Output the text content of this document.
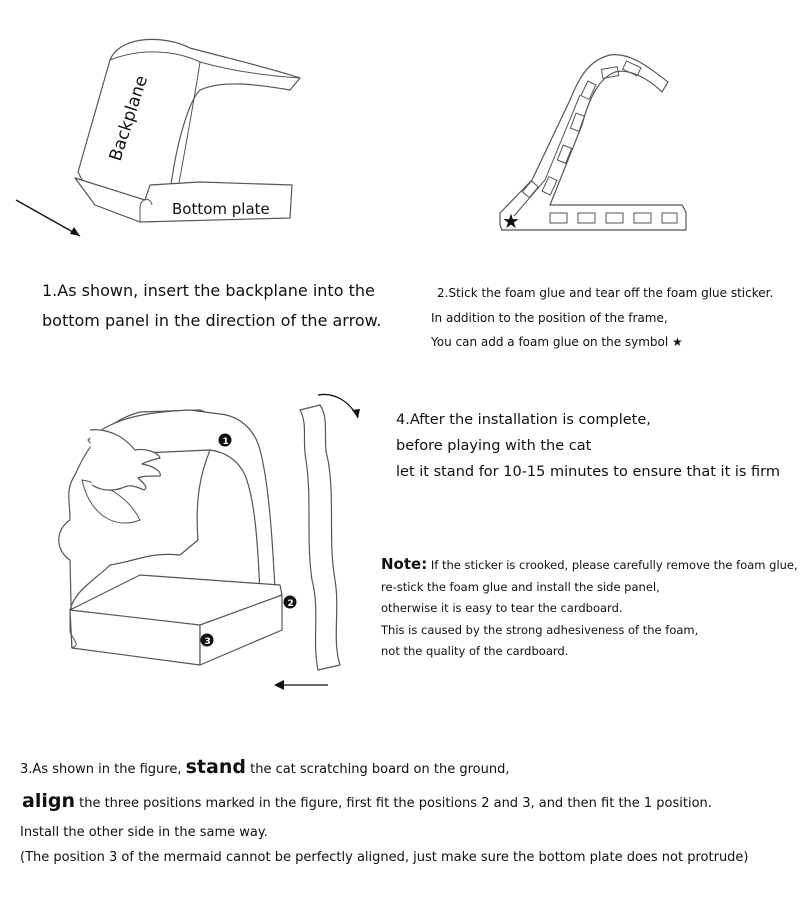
Backplane
Bottom plate	★
1.As shown, insert the backplane into the
bottom panel in the direction of the arrow.
2.Stick the foam glue and tear off the foam glue sticker.
In addition to the position of the frame,
You can add a foam glue on the symbol ★
1
2
3
4.After the installation is complete,
before playing with the cat
let it stand for 10-15 minutes to ensure that it is firm
Note: If the sticker is crooked, please carefully remove the foam glue,
re-stick the foam glue and install the side panel,
otherwise it is easy to tear the cardboard.
This is caused by the strong adhesiveness of the foam,
not the quality of the cardboard.
3.As shown in the figure, stand the cat scratching board on the ground,
align the three positions marked in the figure, first fit the positions 2 and 3, and then fit the 1 position.
Install the other side in the same way.
(The position 3 of the mermaid cannot be perfectly aligned, just make sure the bottom plate does not protrude)
